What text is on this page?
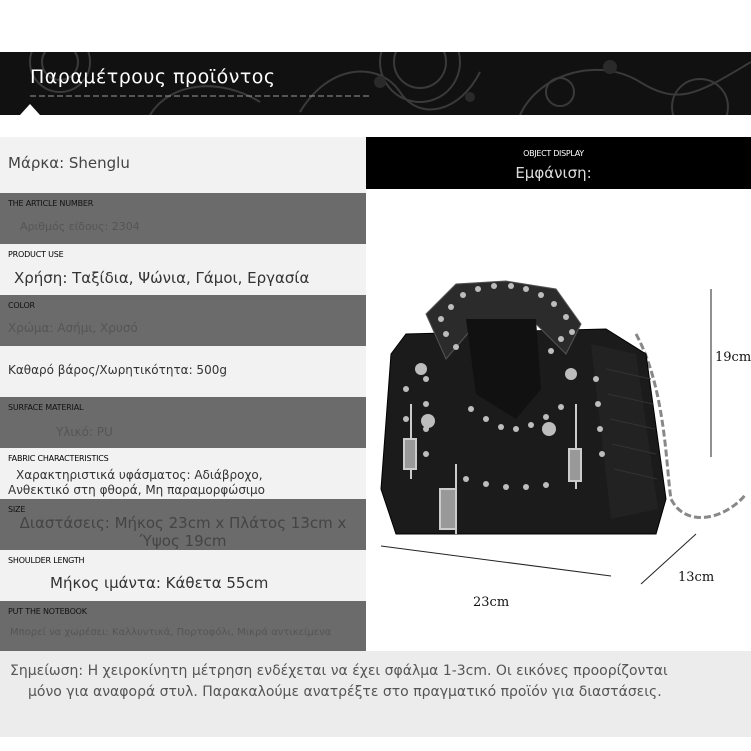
Παραμέτρους προϊόντος
Μάρκα: Shenglu
THE ARTICLE NUMBER
Αριθμός είδους: 2304
PRODUCT USE
Χρήση: Ταξίδια, Ψώνια, Γάμοι, Εργασία
COLOR
Χρώμα: Ασήμι, Χρυσό
Καθαρό βάρος/Χωρητικότητα: 500g
SURFACE MATERIAL
Υλικό: PU
FABRIC CHARACTERISTICS
Χαρακτηριστικά υφάσματος: Αδιάβροχο,
Ανθεκτικό στη φθορά, Μη παραμορφώσιμο
SIZE
Διαστάσεις: Μήκος 23cm x Πλάτος 13cm x
Ύψος 19cm
SHOULDER LENGTH
Μήκος ιμάντα: Κάθετα 55cm
PUT THE NOTEBOOK
Μπορεί να χωρέσει: Καλλυντικά, Πορτοφόλι, Μικρά αντικείμενα
OBJECT DISPLAY
Εμφάνιση:
19cm
13cm
23cm
Σημείωση: Η χειροκίνητη μέτρηση ενδέχεται να έχει σφάλμα 1-3cm. Οι εικόνες προορίζονται
μόνο για αναφορά στυλ. Παρακαλούμε ανατρέξτε στο πραγματικό προϊόν για διαστάσεις.
